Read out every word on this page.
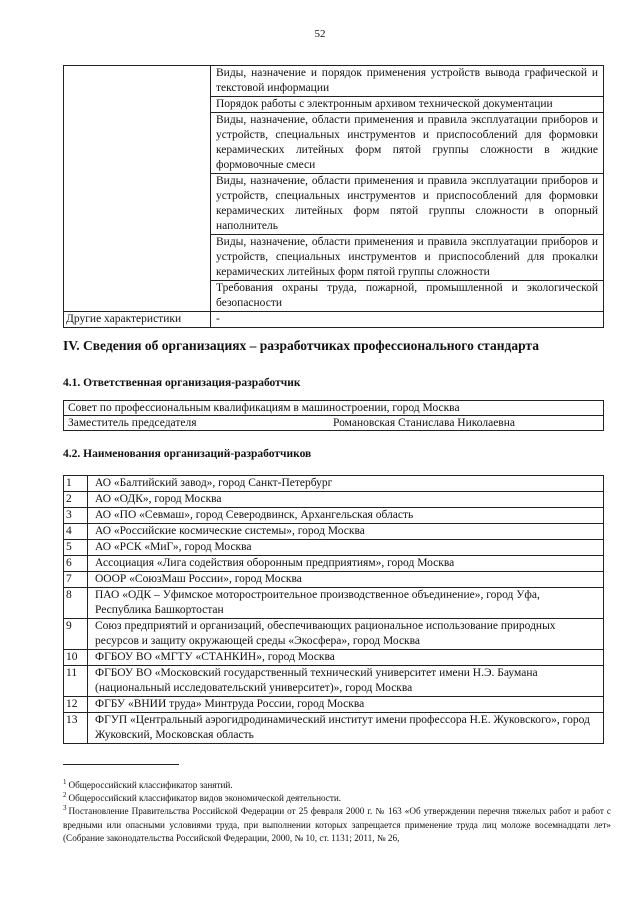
52
	Виды, назначение и порядок применения устройств вывода графической и текстовой информации
	Порядок работы с электронным архивом технической документации
	Виды, назначение, области применения и правила эксплуатации приборов и устройств, специальных инструментов и приспособлений для формовки керамических литейных форм пятой группы сложности в жидкие формовочные смеси
	Виды, назначение, области применения и правила эксплуатации приборов и устройств, специальных инструментов и приспособлений для формовки керамических литейных форм пятой группы сложности в опорный наполнитель
	Виды, назначение, области применения и правила эксплуатации приборов и устройств, специальных инструментов и приспособлений для прокалки керамических литейных форм пятой группы сложности
	Требования охраны труда, пожарной, промышленной и экологической безопасности
Другие характеристики	-
IV. Сведения об организациях – разработчиках профессионального стандарта
4.1. Ответственная организация-разработчик
Совет по профессиональным квалификациям в машиностроении, город Москва

Заместитель председателя	Романовская Станислава Николаевна
4.2. Наименования организаций-разработчиков
1	АО «Балтийский завод», город Санкт-Петербург
2	АО «ОДК», город Москва
3	АО «ПО «Севмаш», город Северодвинск, Архангельская область
4	АО «Российские космические системы», город Москва
5	АО «РСК «МиГ», город Москва
6	Ассоциация «Лига содействия оборонным предприятиям», город Москва
7	ОООР «СоюзМаш России», город Москва
8	ПАО «ОДК – Уфимское моторостроительное производственное объединение», город Уфа, Республика Башкортостан
9	Союз предприятий и организаций, обеспечивающих рациональное использование природных ресурсов и защиту окружающей среды «Экосфера», город Москва
10	ФГБОУ ВО «МГТУ «СТАНКИН», город Москва
11	ФГБОУ ВО «Московский государственный технический университет имени Н.Э. Баумана (национальный исследовательский университет)», город Москва
12	ФГБУ «ВНИИ труда» Минтруда России, город Москва
13	ФГУП «Центральный аэрогидродинамический институт имени профессора Н.Е. Жуковского», город Жуковский, Московская область
$^1$ Общероссийский классификатор занятий.
$^2$ Общероссийский классификатор видов экономической деятельности.
$^3$ Постановление Правительства Российской Федерации от 25 февраля 2000 г. № 163 «Об утверждении перечня тяжелых работ и работ с вредными или опасными условиями труда, при выполнении которых запрещается применение труда лиц моложе восемнадцати лет» (Собрание законодательства Российской Федерации, 2000, № 10, ст. 1131; 2011, № 26,
